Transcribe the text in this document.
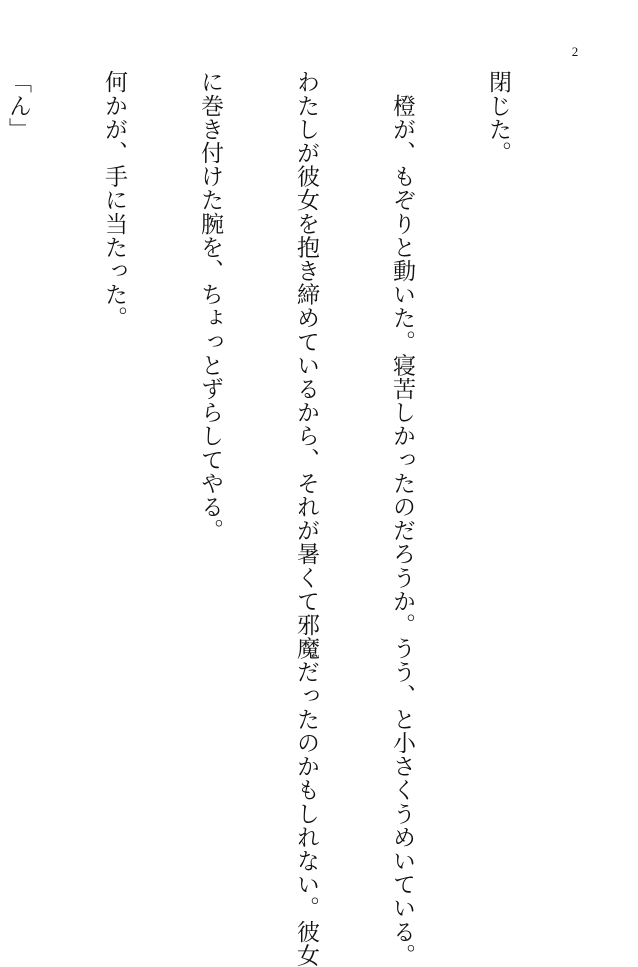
2

閉じた。

　橙が、もぞりと動いた。寝苦しかったのだろうか。うう、と小さくうめいている。

わたしが彼女を抱き締めているから、それが暑くて邪魔だったのかもしれない。彼女

に巻き付けた腕を、ちょっとずらしてやる。

何かが、手に当たった。

「ん」
